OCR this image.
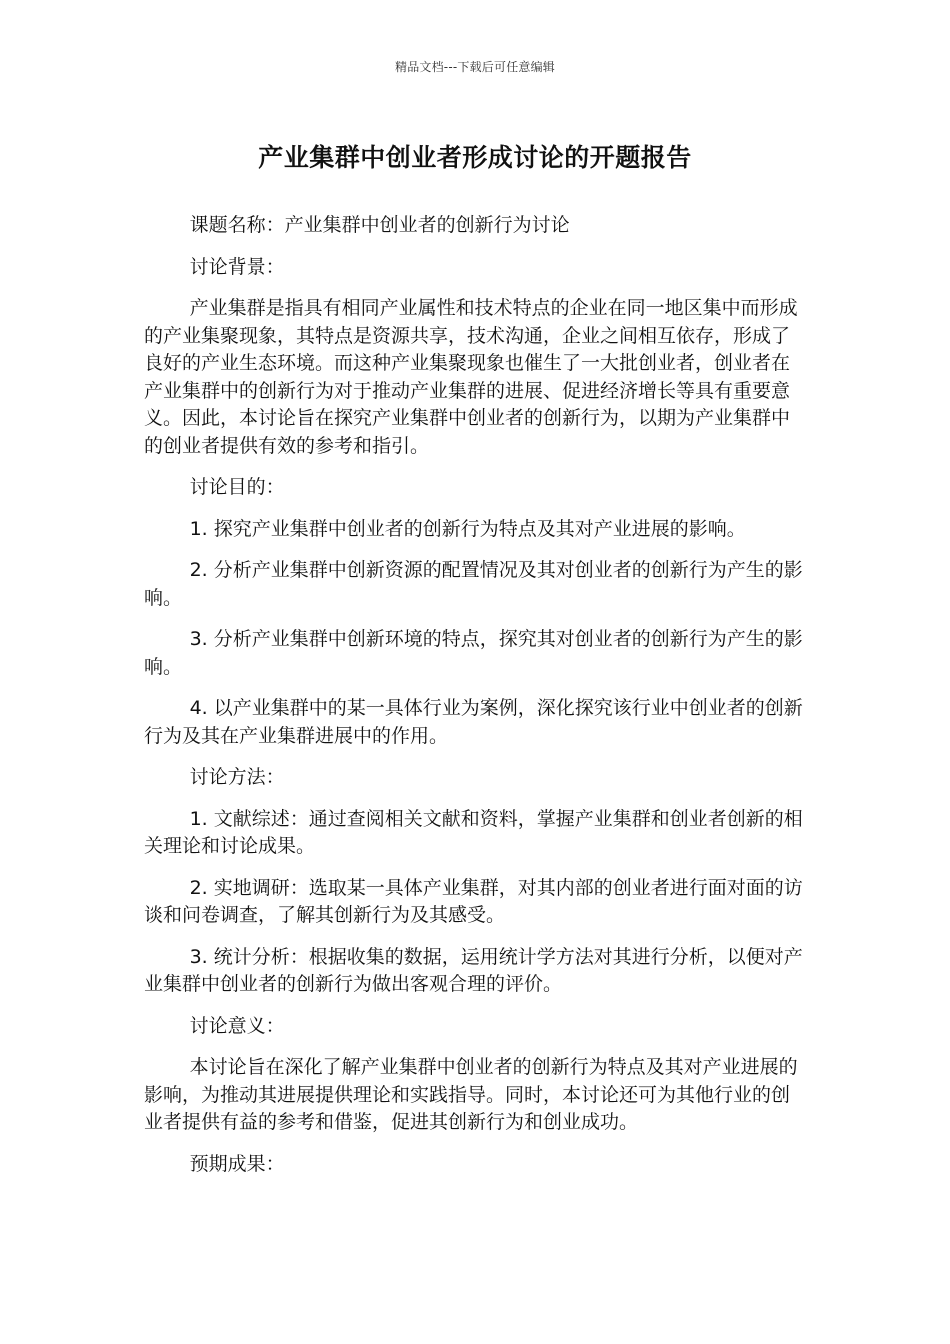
精品文档---下载后可任意编辑
产业集群中创业者形成讨论的开题报告

课题名称：产业集群中创业者的创新行为讨论

讨论背景：

产业集群是指具有相同产业属性和技术特点的企业在同一地区集中而形成的产业集聚现象，其特点是资源共享，技术沟通，企业之间相互依存，形成了良好的产业生态环境。而这种产业集聚现象也催生了一大批创业者，创业者在产业集群中的创新行为对于推动产业集群的进展、促进经济增长等具有重要意义。因此，本讨论旨在探究产业集群中创业者的创新行为，以期为产业集群中的创业者提供有效的参考和指引。

讨论目的：

1. 探究产业集群中创业者的创新行为特点及其对产业进展的影响。

2. 分析产业集群中创新资源的配置情况及其对创业者的创新行为产生的影响。

3. 分析产业集群中创新环境的特点，探究其对创业者的创新行为产生的影响。

4. 以产业集群中的某一具体行业为案例，深化探究该行业中创业者的创新行为及其在产业集群进展中的作用。

讨论方法：

1. 文献综述：通过查阅相关文献和资料，掌握产业集群和创业者创新的相关理论和讨论成果。

2. 实地调研：选取某一具体产业集群，对其内部的创业者进行面对面的访谈和问卷调查，了解其创新行为及其感受。

3. 统计分析：根据收集的数据，运用统计学方法对其进行分析，以便对产业集群中创业者的创新行为做出客观合理的评价。

讨论意义：

本讨论旨在深化了解产业集群中创业者的创新行为特点及其对产业进展的影响，为推动其进展提供理论和实践指导。同时，本讨论还可为其他行业的创业者提供有益的参考和借鉴，促进其创新行为和创业成功。

预期成果：
